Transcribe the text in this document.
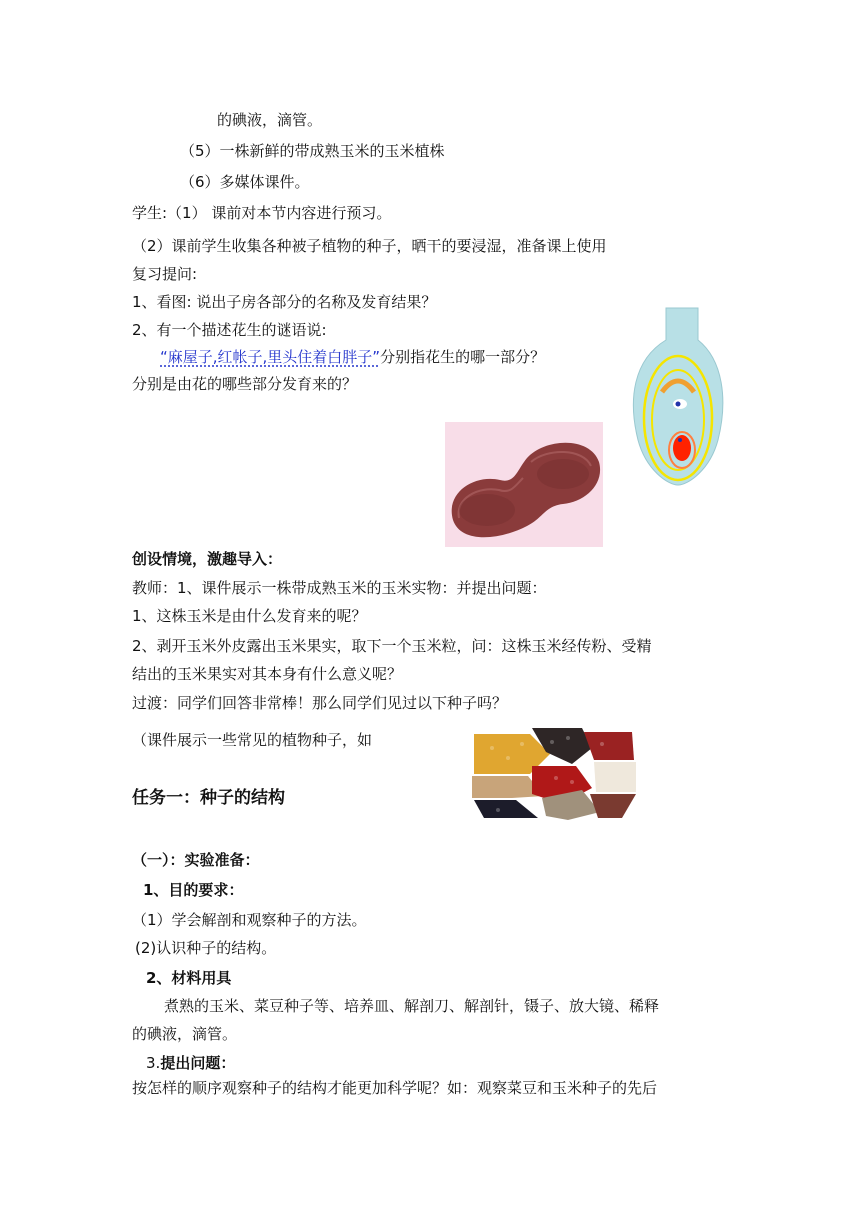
的碘液，滴管。
（5）一株新鲜的带成熟玉米的玉米植株
（6）多媒体课件。
学生:（1） 课前对本节内容进行预习。
（2）课前学生收集各种被子植物的种子，晒干的要浸湿，准备课上使用
复习提问:
1、看图: 说出子房各部分的名称及发育结果？
2、有一个描述花生的谜语说:
“麻屋子,红帐子,里头住着白胖子”分别指花生的哪一部分？
分别是由花的哪些部分发育来的？
创设情境，激趣导入：
教师：1、课件展示一株带成熟玉米的玉米实物：并提出问题：
1、这株玉米是由什么发育来的呢？
2、剥开玉米外皮露出玉米果实，取下一个玉米粒，问：这株玉米经传粉、受精
结出的玉米果实对其本身有什么意义呢？
过渡：同学们回答非常棒！那么同学们见过以下种子吗？
（课件展示一些常见的植物种子，如
任务一：种子的结构
（一）：实验准备：
1、目的要求：
（1）学会解剖和观察种子的方法。
(2)认识种子的结构。
2、材料用具
煮熟的玉米、菜豆种子等、培养皿、解剖刀、解剖针，镊子、放大镜、稀释
的碘液，滴管。
3.提出问题：
按怎样的顺序观察种子的结构才能更加科学呢？如：观察菜豆和玉米种子的先后
